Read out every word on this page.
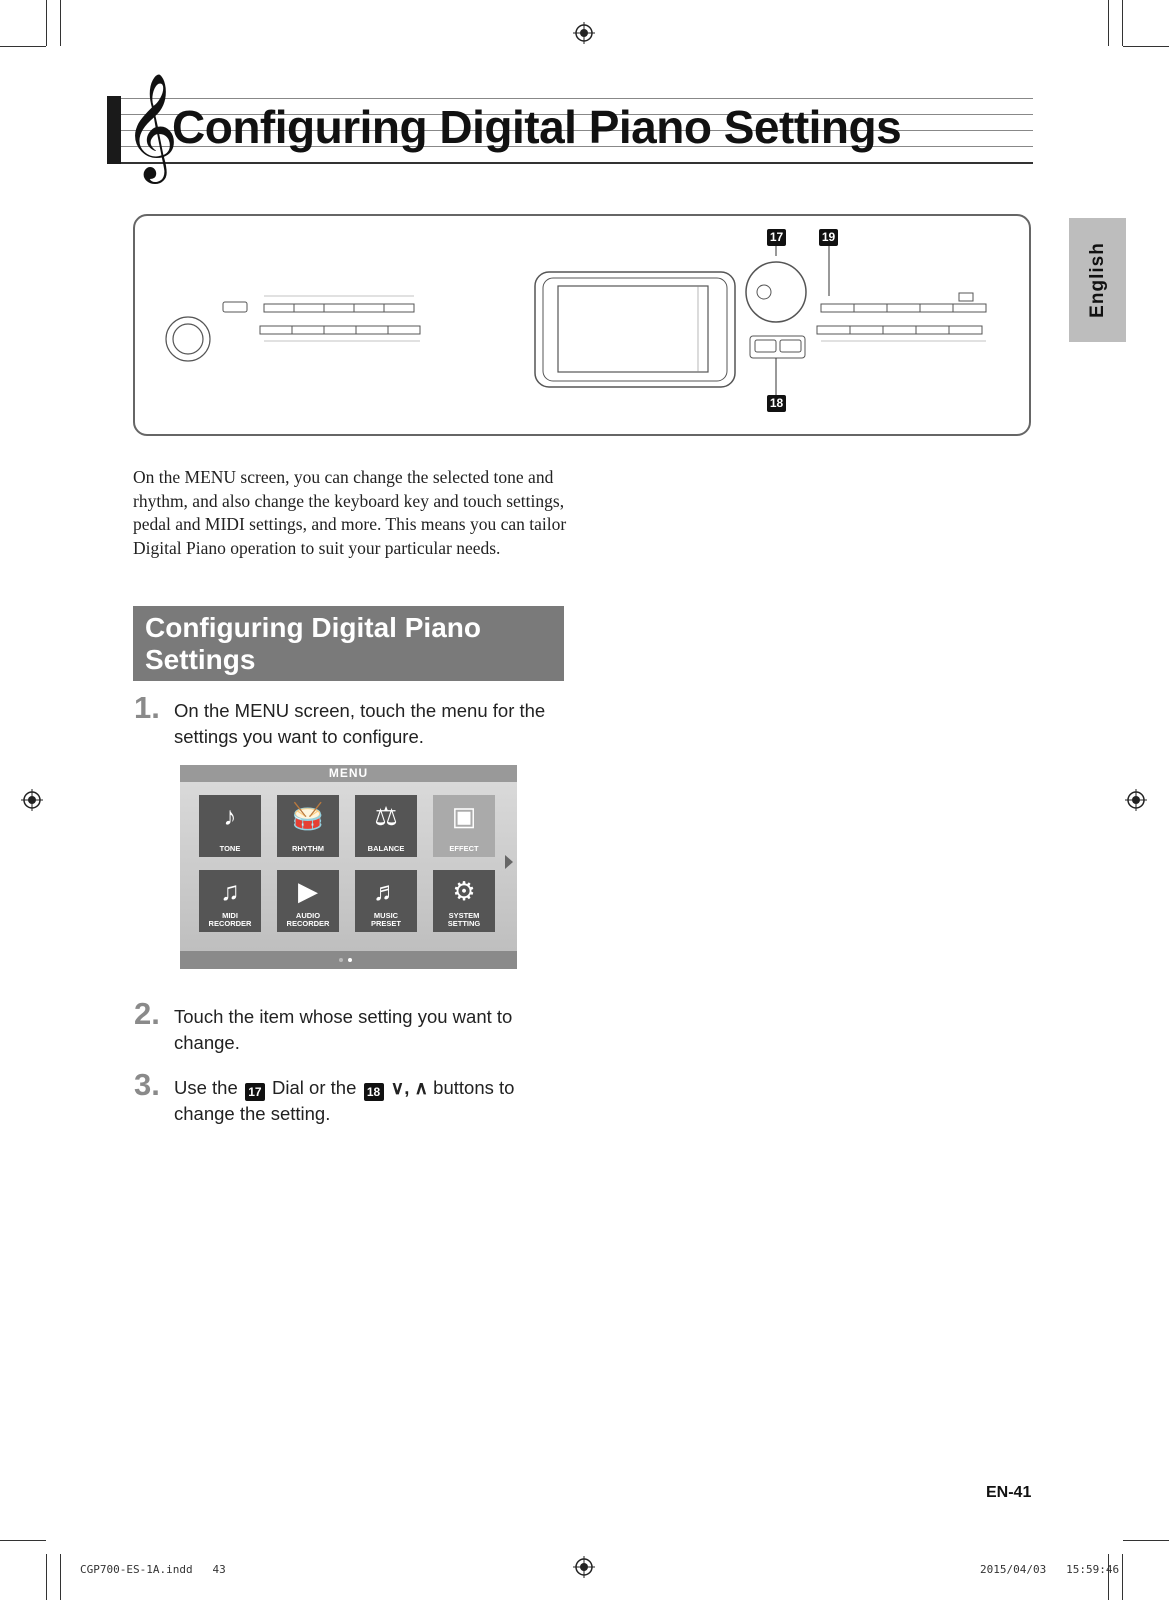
𝄞
Configuring Digital Piano Settings
English
17	19
18
On the MENU screen, you can change the selected tone and rhythm, and also change the keyboard key and touch settings, pedal and MIDI settings, and more. This means you can tailor Digital Piano operation to suit your particular needs.
Configuring Digital Piano Settings
1. On the MENU screen, touch the menu for the settings you want to configure.
MENU
♪
TONE
🥁
RHYTHM
⚖
BALANCE
▣
EFFECT
♫
MIDI
RECORDER
▶
AUDIO
RECORDER
♬
MUSIC
PRESET
⚙
SYSTEM
SETTING
2. Touch the item whose setting you want to change.
3. Use the 17 Dial or the 18 ∨, ∧ buttons to change the setting.
EN-41
CGP700-ES-1A.indd   43	2015/04/03   15:59:46
